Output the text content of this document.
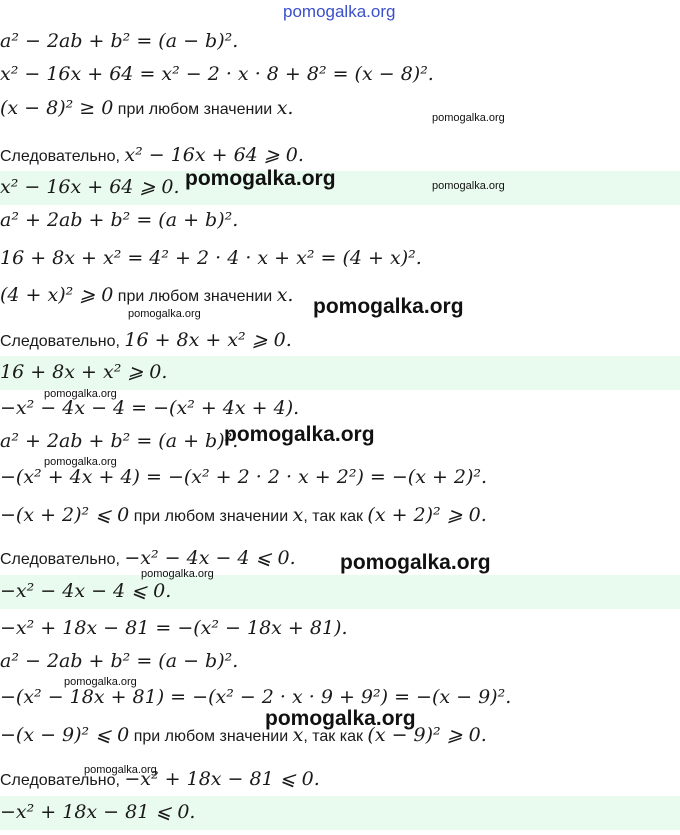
pomogalka.org
a² − 2ab + b² = (a − b)².
x² − 16x + 64 = x² − 2 · x · 8 + 8² = (x − 8)².
(x − 8)² ≥ 0 при любом значении x.
Следовательно, x² − 16x + 64 ⩾ 0.
x² − 16x + 64 ⩾ 0.
a² + 2ab + b² = (a + b)².
16 + 8x + x² = 4² + 2 · 4 · x + x² = (4 + x)².
(4 + x)² ⩾ 0 при любом значении x.
Следовательно, 16 + 8x + x² ⩾ 0.
16 + 8x + x² ⩾ 0.
−x² − 4x − 4 = −(x² + 4x + 4).
a² + 2ab + b² = (a + b)².
−(x² + 4x + 4) = −(x² + 2 · 2 · x + 2²) = −(x + 2)².
−(x + 2)² ⩽ 0 при любом значении x, так как (x + 2)² ⩾ 0.
Следовательно, −x² − 4x − 4 ⩽ 0.
−x² − 4x − 4 ⩽ 0.
−x² + 18x − 81 = −(x² − 18x + 81).
a² − 2ab + b² = (a − b)².
−(x² − 18x + 81) = −(x² − 2 · x · 9 + 9²) = −(x − 9)².
−(x − 9)² ⩽ 0 при любом значении x, так как (x − 9)² ⩾ 0.
Следовательно, −x² + 18x − 81 ⩽ 0.
−x² + 18x − 81 ⩽ 0.
pomogalka.org
pomogalka.org
pomogalka.org
pomogalka.org
pomogalka.org
pomogalka.org
pomogalka.org
pomogalka.org
pomogalka.org
pomogalka.org
pomogalka.org
pomogalka.org
pomogalka.org
